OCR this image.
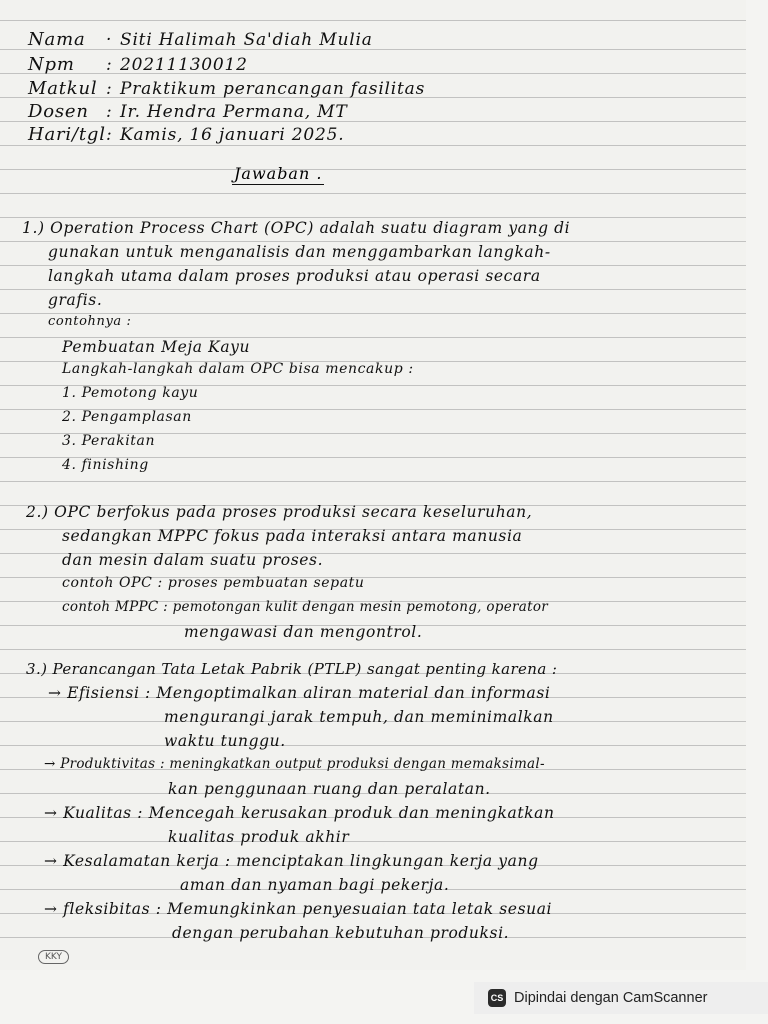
Nama · Siti Halimah Sa'diah Mulia
Npm : 20211130012
Matkul : Praktikum perancangan fasilitas
Dosen : Ir. Hendra Permana, MT
Hari/tgl: Kamis, 16 januari 2025.
Jawaban .
1.) Operation Process Chart (OPC) adalah suatu diagram yang di
gunakan untuk menganalisis dan menggambarkan langkah-
langkah utama dalam proses produksi atau operasi secara
grafis.
contohnya :
Pembuatan Meja Kayu
Langkah-langkah dalam OPC bisa mencakup :
1. Pemotong kayu
2. Pengamplasan
3. Perakitan
4. finishing
2.) OPC berfokus pada proses produksi secara keseluruhan,
sedangkan MPPC fokus pada interaksi antara manusia
dan mesin dalam suatu proses.
contoh OPC : proses pembuatan sepatu
contoh MPPC : pemotongan kulit dengan mesin pemotong, operator
mengawasi dan mengontrol.
3.) Perancangan Tata Letak Pabrik (PTLP) sangat penting karena :
→ Efisiensi : Mengoptimalkan aliran material dan informasi
mengurangi jarak tempuh, dan meminimalkan
waktu tunggu.
→ Produktivitas : meningkatkan output produksi dengan memaksimal-
kan penggunaan ruang dan peralatan.
→ Kualitas : Mencegah kerusakan produk dan meningkatkan
kualitas produk akhir
→ Kesalamatan kerja : menciptakan lingkungan kerja yang
aman dan nyaman bagi pekerja.
→ fleksibitas : Memungkinkan penyesuaian tata letak sesuai
dengan perubahan kebutuhan produksi.
KKY
CS Dipindai dengan CamScanner
